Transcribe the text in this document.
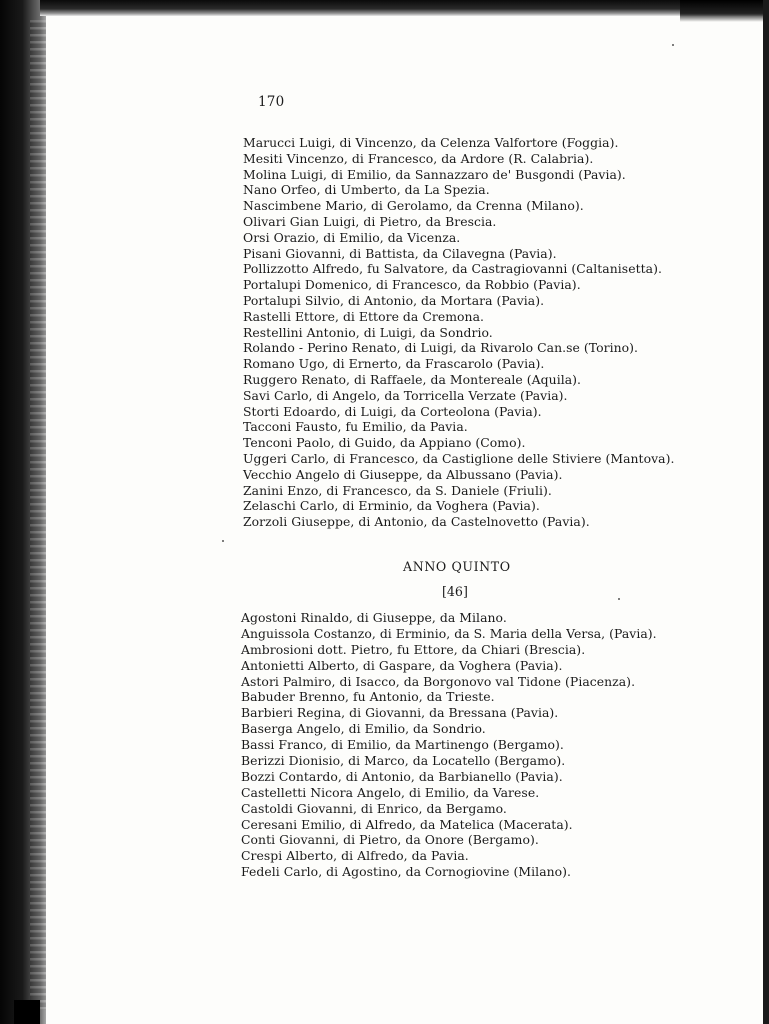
170
Marucci Luigi, di Vincenzo, da Celenza Valfortore (Foggia).
Mesiti Vincenzo, di Francesco, da Ardore (R. Calabria).
Molina Luigi, di Emilio, da Sannazzaro de' Busgondi (Pavia).
Nano Orfeo, di Umberto, da La Spezia.
Nascimbene Mario, di Gerolamo, da Crenna (Milano).
Olivari Gian Luigi, di Pietro, da Brescia.
Orsi Orazio, di Emilio, da Vicenza.
Pisani Giovanni, di Battista, da Cilavegna (Pavia).
Pollizzotto Alfredo, fu Salvatore, da Castragiovanni (Caltanisetta).
Portalupi Domenico, di Francesco, da Robbio (Pavia).
Portalupi Silvio, di Antonio, da Mortara (Pavia).
Rastelli Ettore, di Ettore da Cremona.
Restellini Antonio, di Luigi, da Sondrio.
Rolando - Perino Renato, di Luigi, da Rivarolo Can.se (Torino).
Romano Ugo, di Ernerto, da Frascarolo (Pavia).
Ruggero Renato, di Raffaele, da Montereale (Aquila).
Savi Carlo, di Angelo, da Torricella Verzate (Pavia).
Storti Edoardo, di Luigi, da Corteolona (Pavia).
Tacconi Fausto, fu Emilio, da Pavia.
Tenconi Paolo, di Guido, da Appiano (Como).
Uggeri Carlo, di Francesco, da Castiglione delle Stiviere (Mantova).
Vecchio Angelo di Giuseppe, da Albussano (Pavia).
Zanini Enzo, di Francesco, da S. Daniele (Friuli).
Zelaschi Carlo, di Erminio, da Voghera (Pavia).
Zorzoli Giuseppe, di Antonio, da Castelnovetto (Pavia).
ANNO QUINTO
[46]
Agostoni Rinaldo, di Giuseppe, da Milano.
Anguissola Costanzo, di Erminio, da S. Maria della Versa, (Pavia).
Ambrosioni dott. Pietro, fu Ettore, da Chiari (Brescia).
Antonietti Alberto, di Gaspare, da Voghera (Pavia).
Astori Palmiro, di Isacco, da Borgonovo val Tidone (Piacenza).
Babuder Brenno, fu Antonio, da Trieste.
Barbieri Regina, di Giovanni, da Bressana (Pavia).
Baserga Angelo, di Emilio, da Sondrio.
Bassi Franco, di Emilio, da Martinengo (Bergamo).
Berizzi Dionisio, di Marco, da Locatello (Bergamo).
Bozzi Contardo, di Antonio, da Barbianello (Pavia).
Castelletti Nicora Angelo, di Emilio, da Varese.
Castoldi Giovanni, di Enrico, da Bergamo.
Ceresani Emilio, di Alfredo, da Matelica (Macerata).
Conti Giovanni, di Pietro, da Onore (Bergamo).
Crespi Alberto, di Alfredo, da Pavia.
Fedeli Carlo, di Agostino, da Cornogiovine (Milano).
